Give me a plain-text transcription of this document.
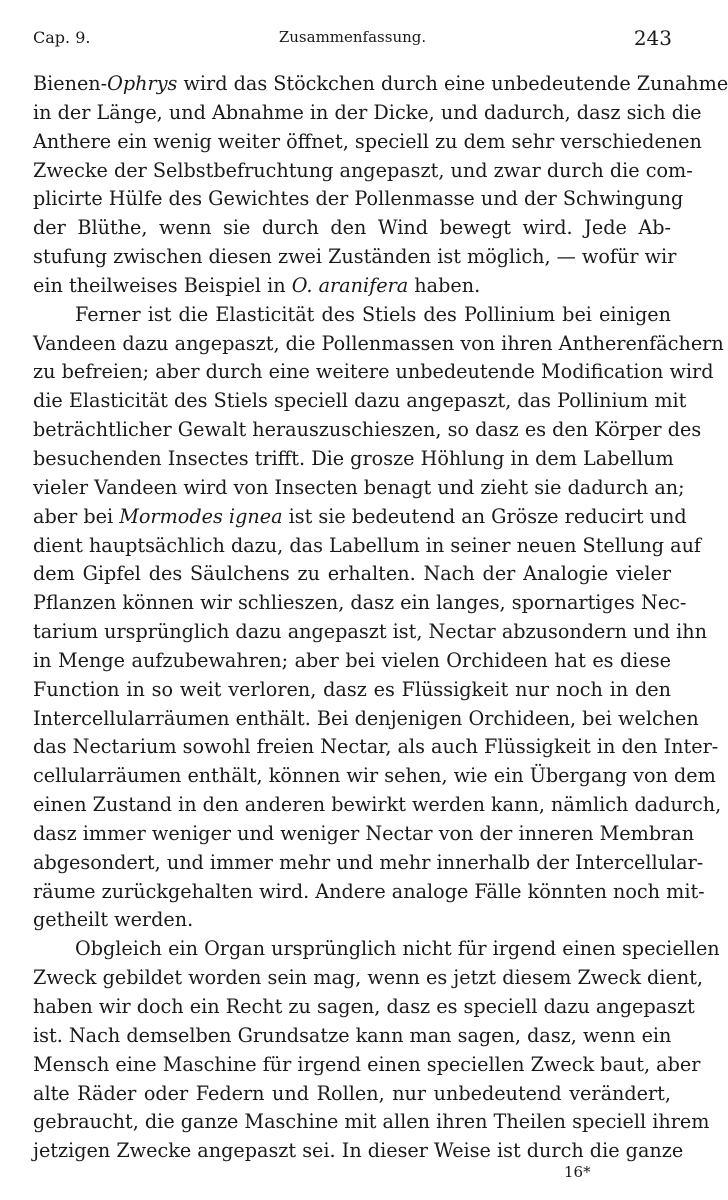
Cap. 9.	Zusammenfassung.	243
Bienen-Ophrys wird das Stöckchen durch eine unbedeutende Zunahme
in der Länge, und Abnahme in der Dicke, und dadurch, dasz sich die
Anthere ein wenig weiter öffnet, speciell zu dem sehr verschiedenen
Zwecke der Selbstbefruchtung angepaszt, und zwar durch die com-
plicirte Hülfe des Gewichtes der Pollenmasse und der Schwingung
der Blüthe, wenn sie durch den Wind bewegt wird. Jede Ab-
stufung zwischen diesen zwei Zuständen ist möglich, — wofür wir
ein theilweises Beispiel in O. aranifera haben.
Ferner ist die Elasticität des Stiels des Pollinium bei einigen
Vandeen dazu angepaszt, die Pollenmassen von ihren Antherenfächern
zu befreien; aber durch eine weitere unbedeutende Modification wird
die Elasticität des Stiels speciell dazu angepaszt, das Pollinium mit
beträchtlicher Gewalt herauszuschieszen, so dasz es den Körper des
besuchenden Insectes trifft. Die grosze Höhlung in dem Labellum
vieler Vandeen wird von Insecten benagt und zieht sie dadurch an;
aber bei Mormodes ignea ist sie bedeutend an Grösze reducirt und
dient hauptsächlich dazu, das Labellum in seiner neuen Stellung auf
dem Gipfel des Säulchens zu erhalten. Nach der Analogie vieler
Pflanzen können wir schlieszen, dasz ein langes, spornartiges Nec-
tarium ursprünglich dazu angepaszt ist, Nectar abzusondern und ihn
in Menge aufzubewahren; aber bei vielen Orchideen hat es diese
Function in so weit verloren, dasz es Flüssigkeit nur noch in den
Intercellularräumen enthält. Bei denjenigen Orchideen, bei welchen
das Nectarium sowohl freien Nectar, als auch Flüssigkeit in den Inter-
cellularräumen enthält, können wir sehen, wie ein Übergang von dem
einen Zustand in den anderen bewirkt werden kann, nämlich dadurch,
dasz immer weniger und weniger Nectar von der inneren Membran
abgesondert, und immer mehr und mehr innerhalb der Intercellular-
räume zurückgehalten wird. Andere analoge Fälle könnten noch mit-
getheilt werden.
Obgleich ein Organ ursprünglich nicht für irgend einen speciellen
Zweck gebildet worden sein mag, wenn es jetzt diesem Zweck dient,
haben wir doch ein Recht zu sagen, dasz es speciell dazu angepaszt
ist. Nach demselben Grundsatze kann man sagen, dasz, wenn ein
Mensch eine Maschine für irgend einen speciellen Zweck baut, aber
alte Räder oder Federn und Rollen, nur unbedeutend verändert,
gebraucht, die ganze Maschine mit allen ihren Theilen speciell ihrem
jetzigen Zwecke angepaszt sei. In dieser Weise ist durch die ganze
16*
